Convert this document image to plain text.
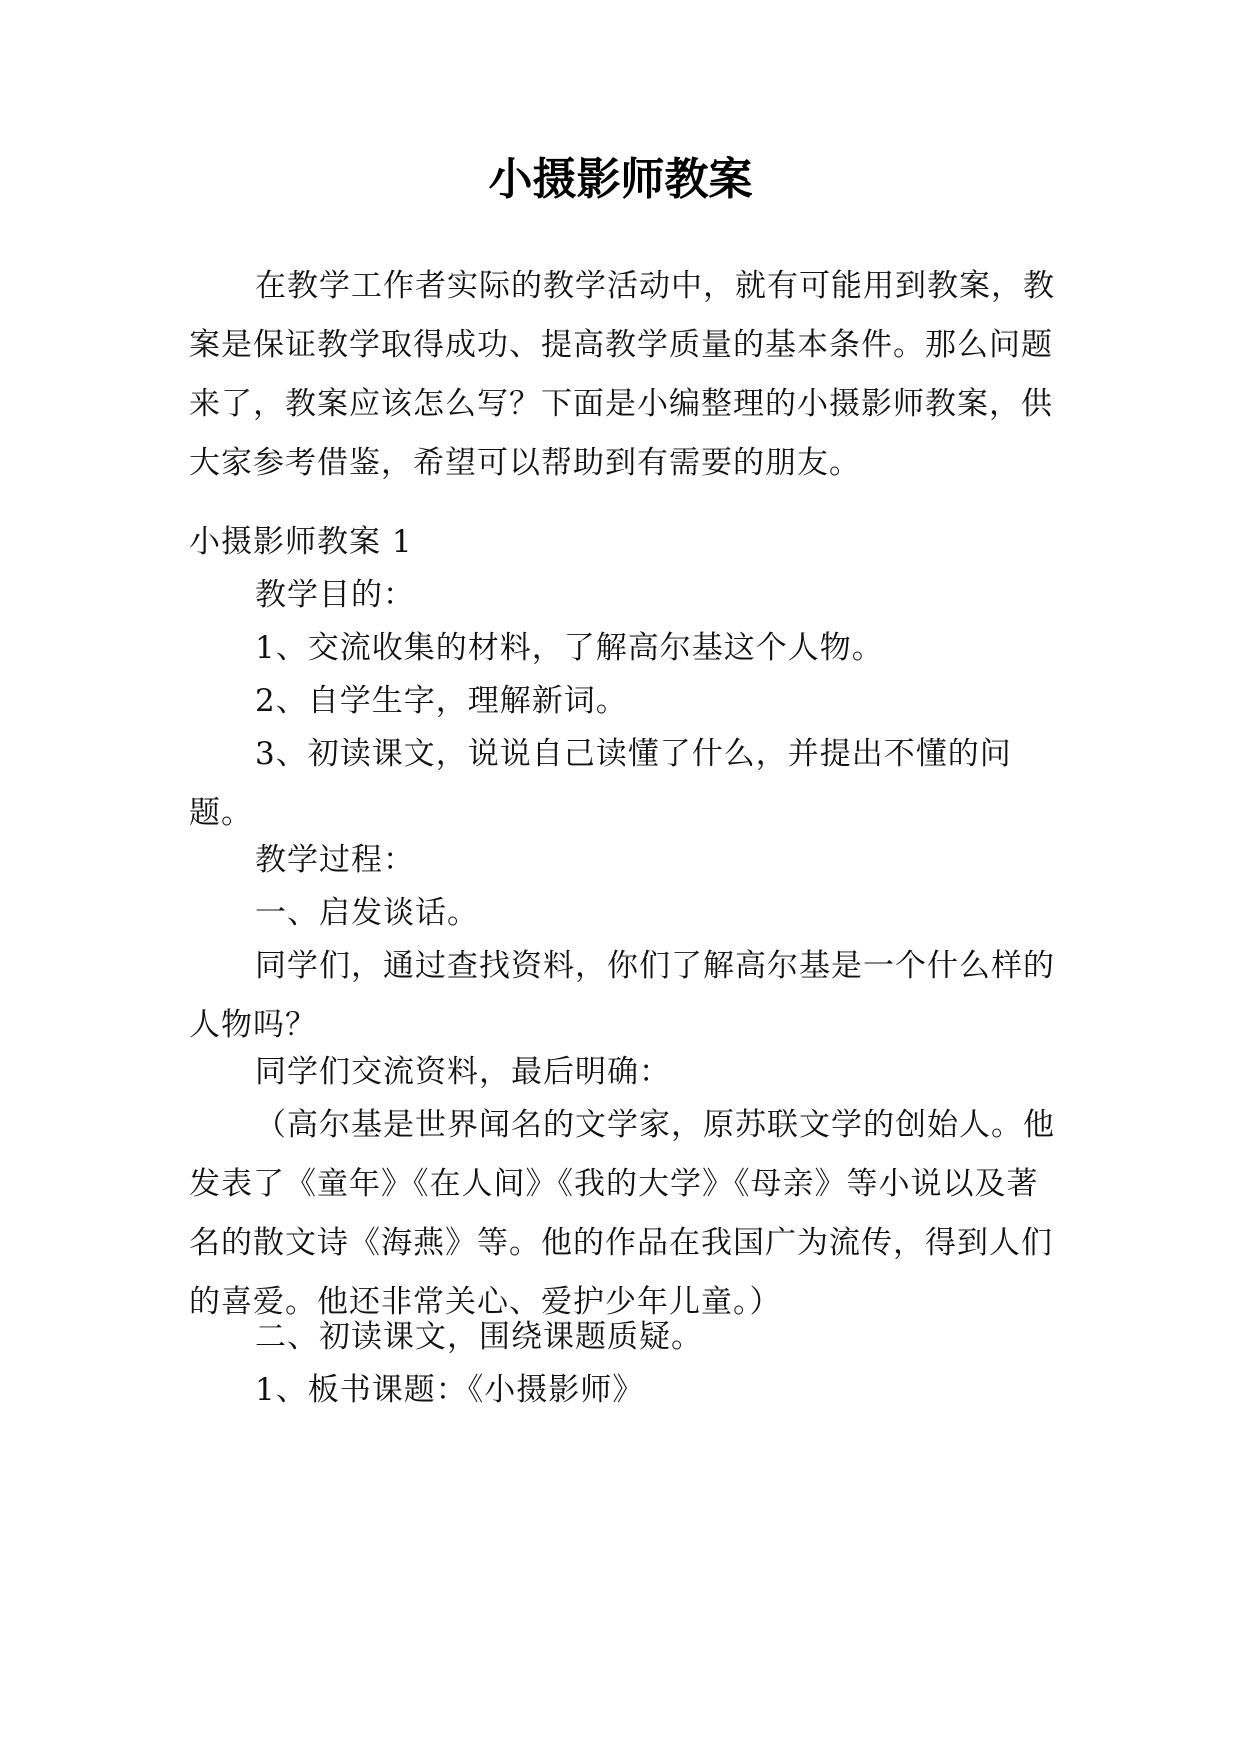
小摄影师教案
在教学工作者实际的教学活动中，就有可能用到教案，教案是保证教学取得成功、提高教学质量的基本条件。那么问题来了，教案应该怎么写？下面是小编整理的小摄影师教案，供大家参考借鉴，希望可以帮助到有需要的朋友。
小摄影师教案 1
教学目的：
1、交流收集的材料，了解高尔基这个人物。
2、自学生字，理解新词。
3、初读课文，说说自己读懂了什么，并提出不懂的问题。
教学过程：
一、启发谈话。
同学们，通过查找资料，你们了解高尔基是一个什么样的人物吗？
同学们交流资料，最后明确：
（高尔基是世界闻名的文学家，原苏联文学的创始人。他发表了《童年》《在人间》《我的大学》《母亲》等小说以及著名的散文诗《海燕》等。他的作品在我国广为流传，得到人们的喜爱。他还非常关心、爱护少年儿童。）
二、初读课文，围绕课题质疑。
1、板书课题：《小摄影师》
